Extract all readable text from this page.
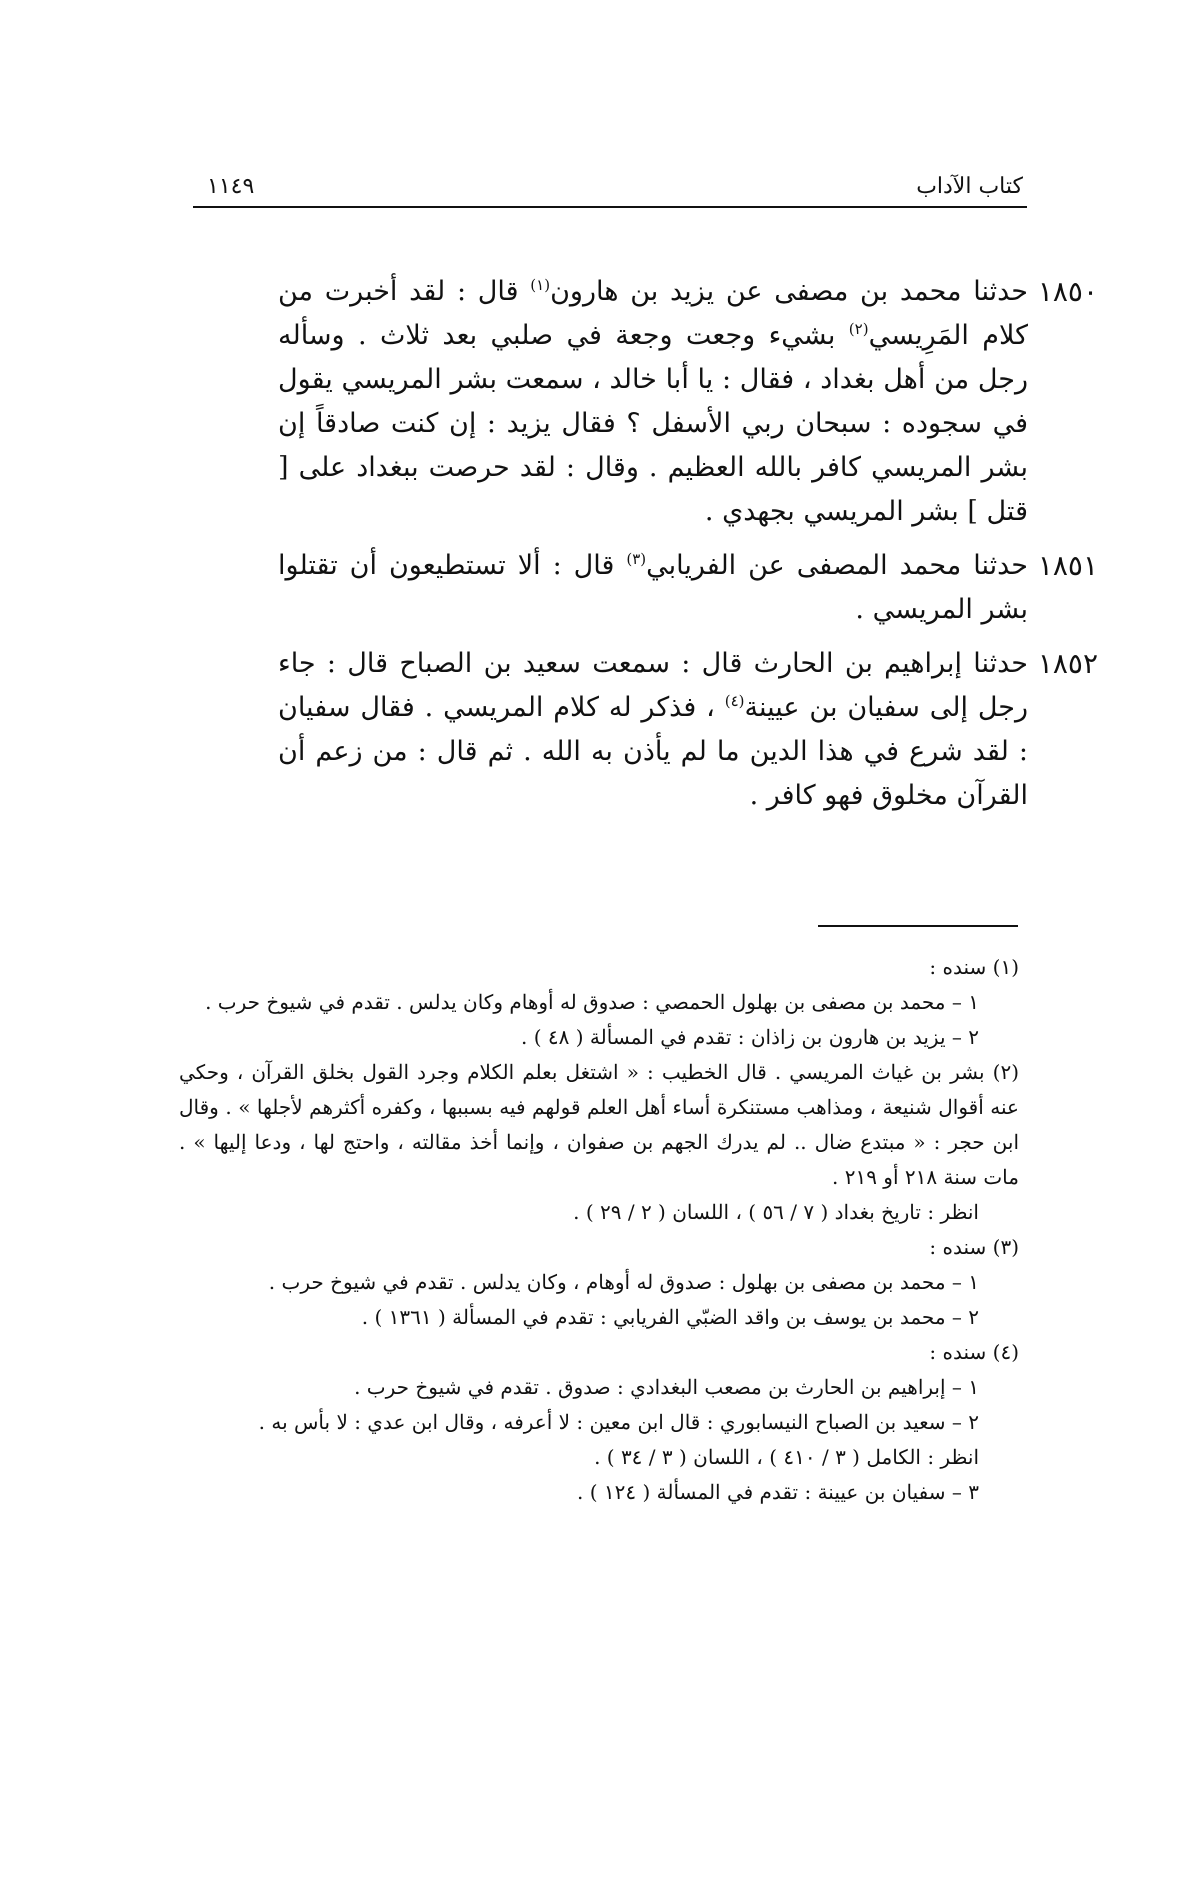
كتاب الآداب
١١٤٩
١٨٥٠
حدثنا محمد بن مصفى عن يزيد بن هارون$^{(١)}$ قال : لقد أخبرت من كلام المَرِيسي$^{(٢)}$ بشيء وجعت وجعة في صلبي بعد ثلاث . وسأله رجل من أهل بغداد ، فقال : يا أبا خالد ، سمعت بشر المريسي يقول في سجوده : سبحان ربي الأسفل ؟ فقال يزيد : إن كنت صادقاً إن بشر المريسي كافر بالله العظيم . وقال : لقد حرصت ببغداد على [ قتل ] بشر المريسي بجهدي .
١٨٥١
حدثنا محمد المصفى عن الفريابي$^{(٣)}$ قال : ألا تستطيعون أن تقتلوا بشر المريسي .
١٨٥٢
حدثنا إبراهيم بن الحارث قال : سمعت سعيد بن الصباح قال : جاء رجل إلى سفيان بن عيينة$^{(٤)}$ ، فذكر له كلام المريسي . فقال سفيان : لقد شرع في هذا الدين ما لم يأذن به الله . ثم قال : من زعم أن القرآن مخلوق فهو كافر .
(١) سنده :
١ – محمد بن مصفى بن بهلول الحمصي : صدوق له أوهام وكان يدلس . تقدم في شيوخ حرب .
٢ – يزيد بن هارون بن زاذان : تقدم في المسألة ( ٤٨ ) .
(٢) بشر بن غياث المريسي . قال الخطيب : « اشتغل بعلم الكلام وجرد القول بخلق القرآن ، وحكي عنه أقوال شنيعة ، ومذاهب مستنكرة أساء أهل العلم قولهم فيه بسببها ، وكفره أكثرهم لأجلها » . وقال ابن حجر : « مبتدع ضال .. لم يدرك الجهم بن صفوان ، وإنما أخذ مقالته ، واحتج لها ، ودعا إليها » . مات سنة ٢١٨ أو ٢١٩ .
انظر : تاريخ بغداد ( ٧ / ٥٦ ) ، اللسان ( ٢ / ٢٩ ) .
(٣) سنده :
١ – محمد بن مصفى بن بهلول : صدوق له أوهام ، وكان يدلس . تقدم في شيوخ حرب .
٢ – محمد بن يوسف بن واقد الضبّي الفريابي : تقدم في المسألة ( ١٣٦١ ) .
(٤) سنده :
١ – إبراهيم بن الحارث بن مصعب البغدادي : صدوق . تقدم في شيوخ حرب .
٢ – سعيد بن الصباح النيسابوري : قال ابن معين : لا أعرفه ، وقال ابن عدي : لا بأس به .
انظر : الكامل ( ٣ / ٤١٠ ) ، اللسان ( ٣ / ٣٤ ) .
٣ – سفيان بن عيينة : تقدم في المسألة ( ١٢٤ ) .
